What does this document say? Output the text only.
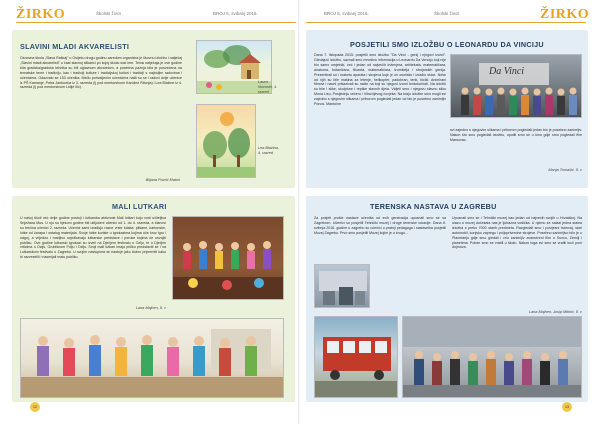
ŽIRKO	Školski život	BROJ 6, svibanj 2016.
SLAVINI MLADI AKVARELISTI
Osnovna škola „Slava Raškaj" u Osijeku drugu godinu zaredom organizira je likovnu izložbu i natječaj „Slavini mladi akvarelisti" u čast slavnoj slikarici po kojoj škola nosi ime. Tema natječaja je ove godine bila gradska/gradska tehnika su bili uglavnom akvarelom, a posebna pažnja bila je posvećena na tematske teme i tradiciju, kao i tradiciji kulture i tradicijskoj kulturi i tradiciji s najboljim radovima i učenicima. Odazvalo se 153 učenika. Među pohvaljenim učenicima našli su se i radovi dvije učenice iz PŠ Kamanje, Petra Jankovića iz 3. razreda (Ij pod mentorstvom Karoline Ritonja) i Lea Blažine iz 4. razreda (Ij pod mentorstvom Lidije Ilić).
Biljana Pavrić Matoš
Laura Novosel, 4. razred
Lea Blažina, 4. razred
MALI LUTKARI
U našoj školi već dvije godine postoji i lutkarska aktivnost Mali lutkari koju vodi učiteljica Snježana Mus. U nju su tijekom godine bili uključeni učenici od 1. do 4. razreda, a članovi su trećina učenici 2. razreda. Učenici sami izrađuju razne vrste lutaka: plišane, kartonske, lutke od čarapa i ostalog materijala. Svoje lutke koriste u igrokazima kojima uče kroz igru i odgoj, a vrijedno i marljivo uvježbavaju lutkarske predstave i poruke kojima će osvojiti publiku. Ove godine lutkarski igrokazi su izveli na Dječjem festivalu u Ozlju, te u Dječjim vrtićima u Ozlju, Grubišnom Polju i Ozlju. Svoji mali lutkari imaju priliku predstaviti se i na Lutkarskom festivalu u Zagrebu. U svojim nastupima se nastoje jako dobro pripremiti kako bi razveselili i nasmijali malu publiku.
Lana Majhen, 8. c
12
BROJ 6, svibanj 2016.	Školski život	ŽIRKO
POSJETILI SMO IZLOŽBU O LEONARDU DA VINCIJU
Dana 7. listopada 2015. posjetili smo izložbu "Da Vinci - genij i njegovi izumi". Gledajući izložbu, saznali smo mnoštvo informacija o Leonardu Da Venciju koji nije bio samo umjetnik, već i jedan od najvećih inženjera, arhitekata, matematičara, anatoma, botaničara, filozofa, matematičara, izumitelja i strojarskih genija. Prezentirali su i maketu aparata i strojeva koje je on osmislio i izradio skice. Neke od njih su bile mašina za letenje, helikopter, padobran, tenk, bicikl. Animirani filmovi i nacrti prikazivali su način na koji su njegovi izumi funkcionirali. Na izložbi su bile i slike, skulpture i replike slavnih djela. Vidjeli smo i njegovu slavnu sliku Mona Lisu, Posljednju večeru i Vitruvijevog čovjeka. Na kraju izložbe smo mogli svi zajedno s njegovim slikama i priborom pogledati jedan od bio je posebno zanimljiv Ponos. Mantoine
Da Vinci
svi zajedno s njegovim slikama i priborom pogledati jedan bio je posebno zanimljiv. Nakon što smo pogledali izložbu, uputili smo se u kino gdje smo pogledali film Marsovac.
Manja Tomašić, 8. c
TERENSKA NASTAVA U ZAGREBU
Za posjeti prošle nastave učenika od svih generacija upoznali smo se sa Zagrebom. Učenici su posjetili Tehnički muzej i druge terenske lokacije. Dana 6. svibnja 2016. godine u zagrebu su učenici u pratnji pedagoga i nastavnika posjetili Muzej Zagrebu. Prvo smo posjetili Muzej kojim je u krugu...
Upoznali smo se i Tehnički muzej kao jedan od najvećih svojih u Hrvatskoj. Na ulazu u muzej dočekala nas je ljubazna vodička. U njemu se nalazi jedna stalna izložba s preko 7000 starih predmeta. Razgledali smo i povijesni tramvaj, stari automobil, konjsku zapregu i poljoprivredne strojeve. Posebno zanimljivo bilo je u Planetariju gdje smo gledali i vrlo zanimljiv znanstveni film o Suncu, Zemlji i planetima. Potom smo se vratili u školu. Nakon toga svi smo se vratili kući puni dojmova.
Lana Majhen, Josip Mitinić, 8. c
13
